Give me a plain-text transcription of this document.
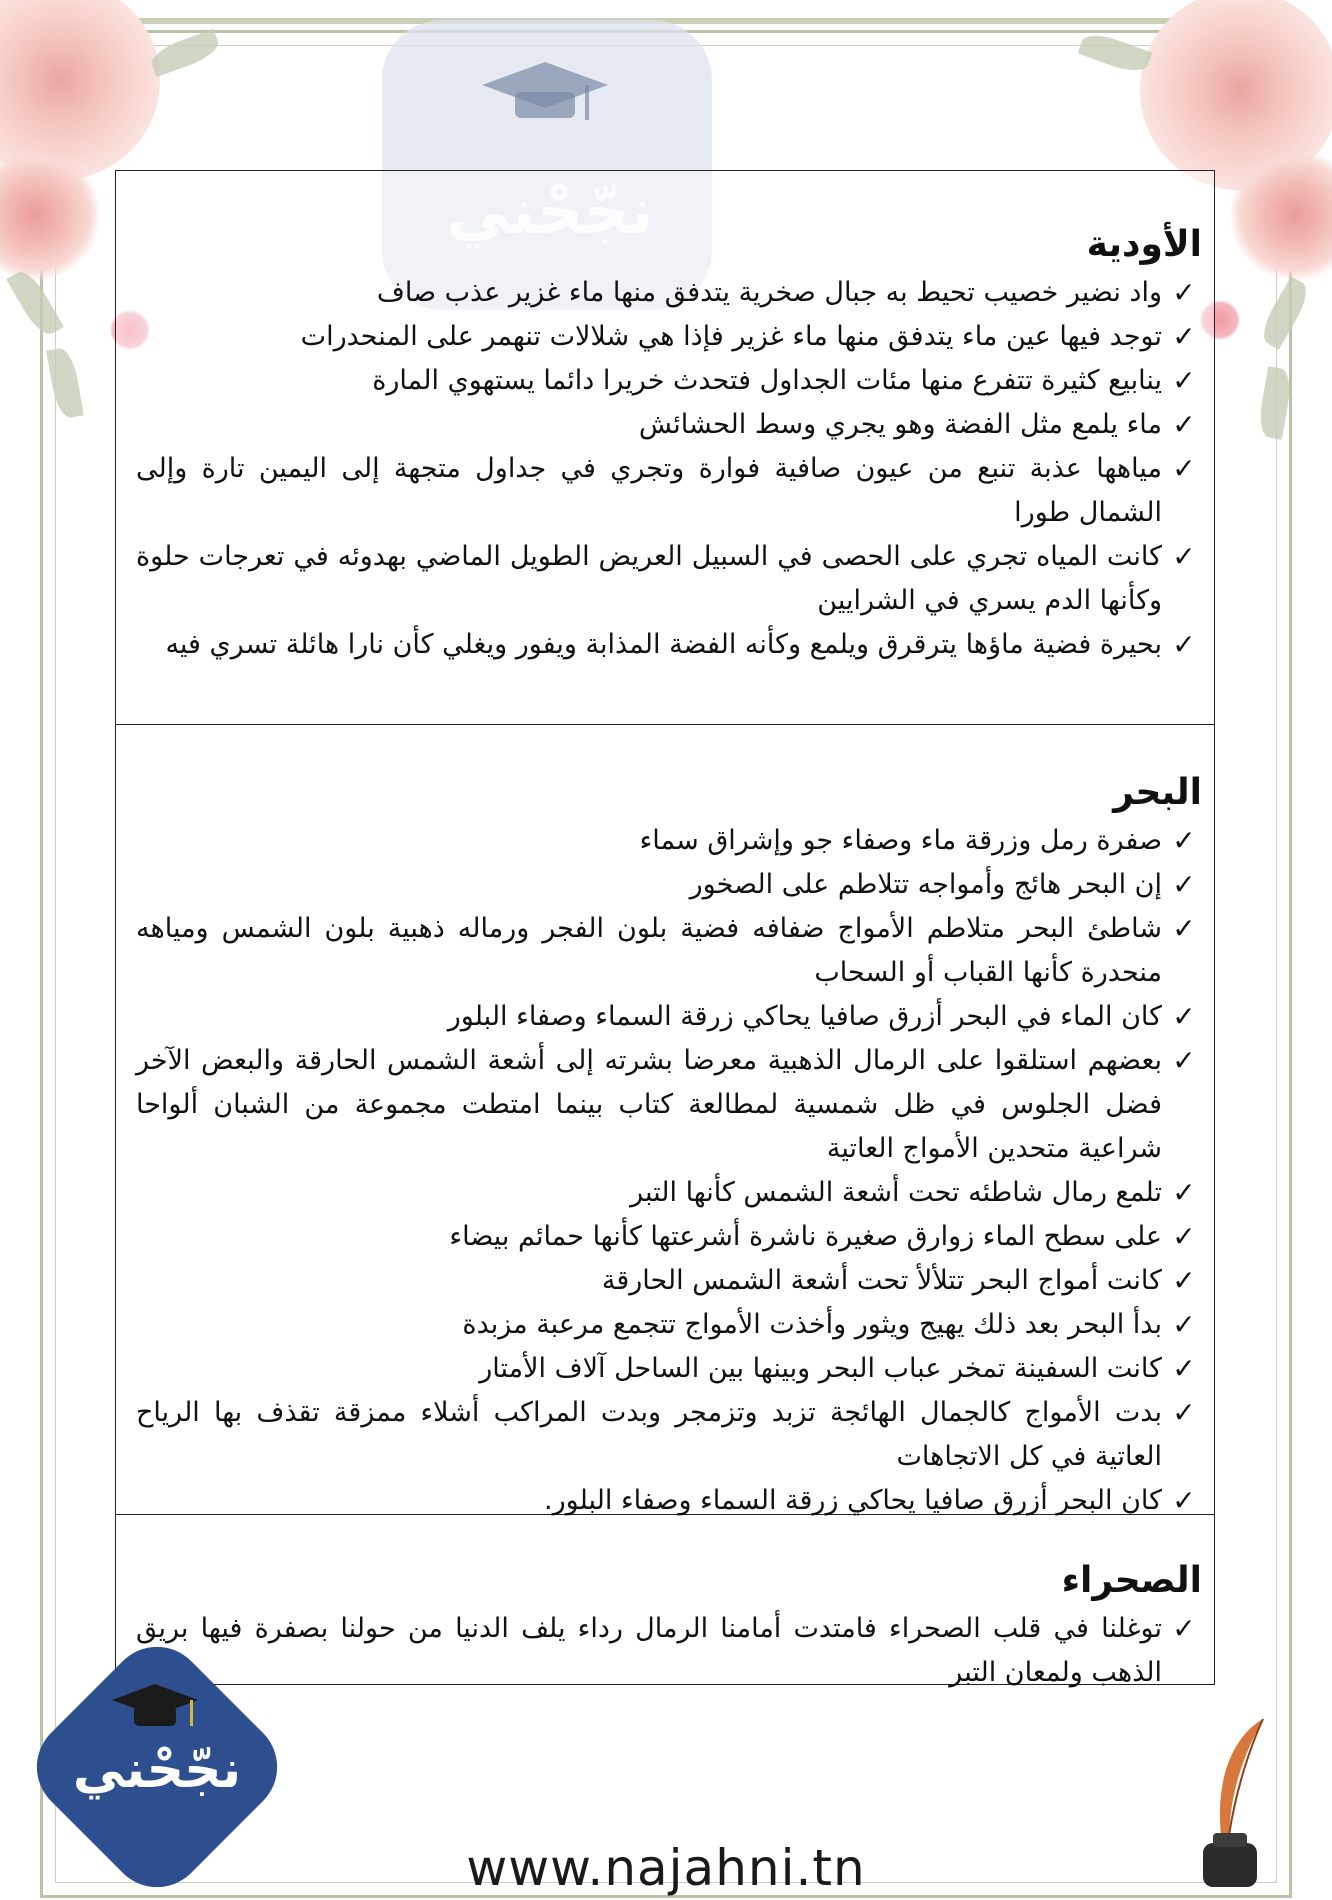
نجّحْني	الأودية
✓
واد نضير خصيب تحيط به جبال صخرية يتدفق منها ماء غزير عذب صاف
✓
توجد فيها عين ماء يتدفق منها ماء غزير فإذا هي شلالات تنهمر على المنحدرات
✓
ينابيع كثيرة تتفرع منها مئات الجداول فتحدث خريرا دائما يستهوي المارة
✓
ماء يلمع مثل الفضة وهو يجري وسط الحشائش
✓
مياهها عذبة تنبع من عيون صافية فوارة وتجري في جداول متجهة إلى اليمين تارة وإلى الشمال طورا
✓
كانت المياه تجري على الحصى في السبيل العريض الطويل الماضي بهدوئه في تعرجات حلوة وكأنها الدم يسري في الشرايين
✓
بحيرة فضية ماؤها يترقرق ويلمع وكأنه الفضة المذابة ويفور ويغلي كأن نارا هائلة تسري فيه
البحر
✓
صفرة رمل وزرقة ماء وصفاء جو وإشراق سماء
✓
إن البحر هائج وأمواجه تتلاطم على الصخور
✓
شاطئ البحر متلاطم الأمواج ضفافه فضية بلون الفجر ورماله ذهبية بلون الشمس ومياهه منحدرة كأنها القباب أو السحاب
✓
كان الماء في البحر أزرق صافيا يحاكي زرقة السماء وصفاء البلور
✓
بعضهم استلقوا على الرمال الذهبية معرضا بشرته إلى أشعة الشمس الحارقة والبعض الآخر فضل الجلوس في ظل شمسية لمطالعة كتاب بينما امتطت مجموعة من الشبان ألواحا شراعية متحدين الأمواج العاتية
✓
تلمع رمال شاطئه تحت أشعة الشمس كأنها التبر
✓
على سطح الماء زوارق صغيرة ناشرة أشرعتها كأنها حمائم بيضاء
✓
كانت أمواج البحر تتلألأ تحت أشعة الشمس الحارقة
✓
بدأ البحر بعد ذلك يهيج ويثور وأخذت الأمواج تتجمع مرعبة مزبدة
✓
كانت السفينة تمخر عباب البحر وبينها بين الساحل آلاف الأمتار
✓
بدت الأمواج كالجمال الهائجة تزبد وتزمجر وبدت المراكب أشلاء ممزقة تقذف بها الرياح العاتية في كل الاتجاهات
✓
كان البحر أزرق صافيا يحاكي زرقة السماء وصفاء البلور.
الصحراء
✓
توغلنا في قلب الصحراء فامتدت أمامنا الرمال رداء يلف الدنيا من حولنا بصفرة فيها بريق الذهب ولمعان التبر
نجّحْني
www.najahni.tn
